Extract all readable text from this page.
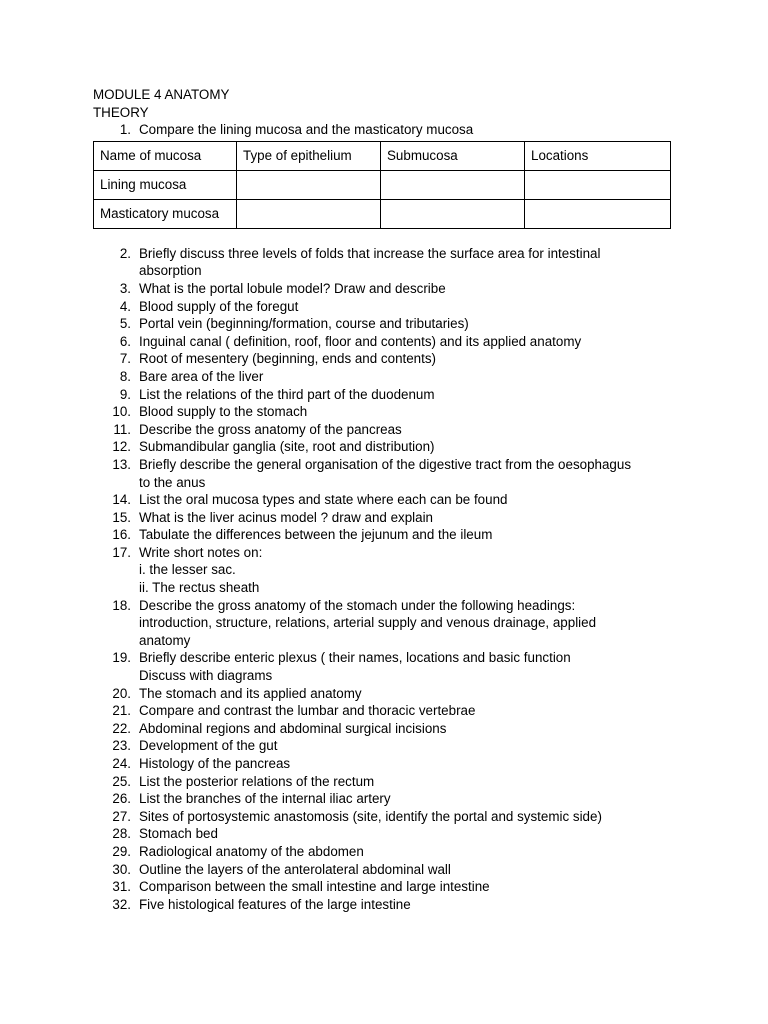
MODULE 4 ANATOMY
THEORY
1. Compare the lining mucosa and the masticatory mucosa
Name of mucosa	Type of epithelium	Submucosa	Locations
Lining mucosa			
Masticatory mucosa			
2. Briefly discuss three levels of folds that increase the surface area for intestinal
absorption
3. What is the portal lobule model? Draw and describe
4. Blood supply of the foregut
5. Portal vein (beginning/formation, course and tributaries)
6. Inguinal canal ( definition, roof, floor and contents) and its applied anatomy
7. Root of mesentery (beginning, ends and contents)
8. Bare area of the liver
9. List the relations of the third part of the duodenum
10. Blood supply to the stomach
11. Describe the gross anatomy of the pancreas
12. Submandibular ganglia (site, root and distribution)
13. Briefly describe the general organisation of the digestive tract from the oesophagus
to the anus
14. List the oral mucosa types and state where each can be found
15. What is the liver acinus model ? draw and explain
16. Tabulate the differences between the jejunum and the ileum
17. Write short notes on:
i. the lesser sac.
ii. The rectus sheath
18. Describe the gross anatomy of the stomach under the following headings:
introduction, structure, relations, arterial supply and venous drainage, applied
anatomy
19. Briefly describe enteric plexus ( their names, locations and basic function
Discuss with diagrams
20. The stomach and its applied anatomy
21. Compare and contrast the lumbar and thoracic vertebrae
22. Abdominal regions and abdominal surgical incisions
23. Development of the gut
24. Histology of the pancreas
25. List the posterior relations of the rectum
26. List the branches of the internal iliac artery
27. Sites of portosystemic anastomosis (site, identify the portal and systemic side)
28. Stomach bed
29. Radiological anatomy of the abdomen
30. Outline the layers of the anterolateral abdominal wall
31. Comparison between the small intestine and large intestine
32. Five histological features of the large intestine
